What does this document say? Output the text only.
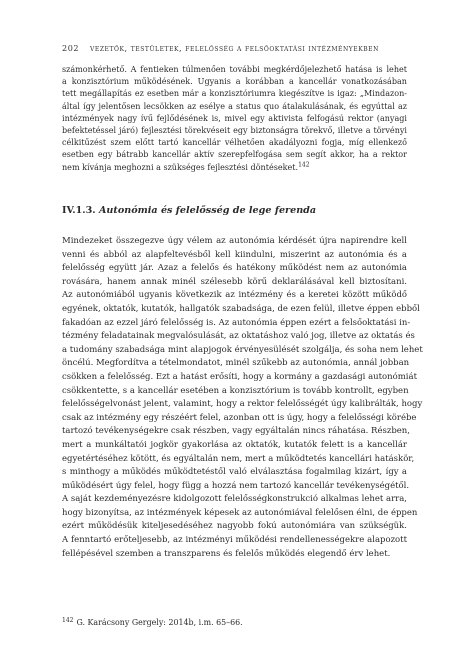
202 vezetők, testületek, felelősség a felsőoktatási intézményekben
számonkérhető. A fentieken túlmenően további megkérdőjelezhető hatása is lehet
a konzisztórium működésének. Ugyanis a korábban a kancellár vonatkozásában
tett megállapítás ez esetben már a konzisztóriumra kiegészítve is igaz: „Mindazon-
által így jelentősen lecsökken az esélye a status quo átalakulásának, és egyúttal az
intézmények nagy ívű fejlődésének is, mivel egy aktivista felfogású rektor (anyagi
befektetéssel járó) fejlesztési törekvéseit egy biztonságra törekvő, illetve a törvényi
célkitűzést szem előtt tartó kancellár vélhetően akadályozni fogja, míg ellenkező
esetben egy bátrabb kancellár aktív szerepfelfogása sem segít akkor, ha a rektor
nem kívánja meghozni a szükséges fejlesztési döntéseket.$^{142}$
IV.1.3. Autonómia és felelősség de lege ferenda
Mindezeket összegezve úgy vélem az autonómia kérdését újra napirendre kell
venni és abból az alapfeltevésből kell kiindulni, miszerint az autonómia és a
felelősség együtt jár. Azaz a felelős és hatékony működést nem az autonómia
rovására, hanem annak minél szélesebb körű deklarálásával kell biztosítani.
Az autonómiából ugyanis következik az intézmény és a keretei között működő
egyének, oktatók, kutatók, hallgatók szabadsága, de ezen felül, illetve éppen ebből
fakadóan az ezzel járó felelősség is. Az autonómia éppen ezért a felsőoktatási in-
tézmény feladatainak megvalósulását, az oktatáshoz való jog, illetve az oktatás és
a tudomány szabadsága mint alapjogok érvényesülését szolgálja, és soha nem lehet
öncélú. Megfordítva a tételmondatot, minél szűkebb az autonómia, annál jobban
csökken a felelősség. Ezt a hatást erősíti, hogy a kormány a gazdasági autonómiát
csökkentette, s a kancellár esetében a konzisztórium is tovább kontrollt, egyben
felelősségelvonást jelent, valamint, hogy a rektor felelősségét úgy kalibrálták, hogy
csak az intézmény egy részéért felel, azonban ott is úgy, hogy a felelősségi körébe
tartozó tevékenységekre csak részben, vagy egyáltalán nincs ráhatása. Részben,
mert a munkáltatói jogkör gyakorlása az oktatók, kutatók felett is a kancellár
egyetértéséhez kötött, és egyáltalán nem, mert a működtetés kancellári hatáskör,
s minthogy a működés működtetéstől való elválasztása fogalmilag kizárt, így a
működésért úgy felel, hogy függ a hozzá nem tartozó kancellár tevékenységétől.
A saját kezdeményezésre kidolgozott felelősségkonstrukció alkalmas lehet arra,
hogy bizonyítsa, az intézmények képesek az autonómiával felelősen élni, de éppen
ezért működésük kiteljesedéséhez nagyobb fokú autonómiára van szükségük.
A fenntartó erőteljesebb, az intézményi működési rendellenességekre alapozott
fellépésével szemben a transzparens és felelős működés elegendő érv lehet.
$^{142}$ G. Karácsony Gergely: 2014b, i.m. 65–66.
